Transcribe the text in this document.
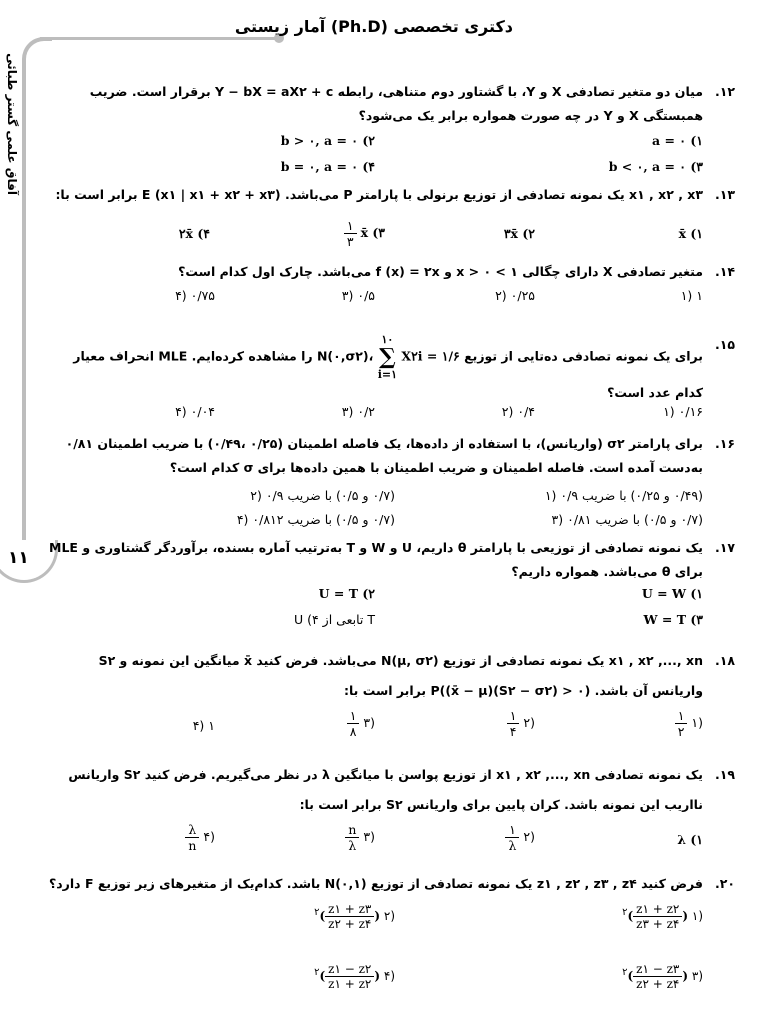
دکتری تخصصی (Ph.D) آمار زیستی
آفاق علمی گستر طبائی
۱۱
۱۲.
میان دو متغیر تصادفی X و Y، با گشتاور دوم متناهی، رابطه Y − bX = aX۲ + c برقرار است. ضریب همبستگی X و Y در چه صورت همواره برابر یک می‌شود؟
a = ۰ (۱
b > ۰, a = ۰ (۲
b < ۰, a = ۰ (۳
b = ۰, a = ۰ (۴
۱۳.
x۱ , x۲ , x۳ یک نمونه تصادفی از توزیع برنولی با پارامتر P می‌باشد. E (x۱ | x۱ + x۲ + x۳) برابر است با:
x̄ (۱
۳x̄ (۲
x̄ (۳
$\frac{۱}{۳}$
۲x̄ (۴
۱۴.
متغیر تصادفی X دارای چگالی ۱ > x > ۰ و f (x) = ۲x می‌باشد. چارک اول کدام است؟
۱ (۱
۰/۲۵ (۲
۰/۵ (۳
۰/۷۵ (۴
۱۵.
برای یک نمونه تصادفی ده‌تایی از توزیع N(۰,σ۲)،
۱۰
∑
i=۱
X۲i = ۱/۶ را مشاهده کرده‌ایم. MLE انحراف معیار کدام عدد است؟
۰/۱۶ (۱
۰/۴ (۲
۰/۲ (۳
۰/۰۴ (۴
۱۶.
برای پارامتر σ۲ (واریانس)، با استفاده از داده‌ها، یک فاصله اطمینان (۰/۲۵ ،۰/۴۹) با ضریب اطمینان ۰/۸۱ به‌دست آمده است. فاصله اطمینان و ضریب اطمینان با همین داده‌ها برای σ کدام است؟
(۰/۴۹ و ۰/۲۵) با ضریب ۰/۹ (۱
(۰/۷ و ۰/۵) با ضریب ۰/۹ (۲
(۰/۷ و ۰/۵) با ضریب ۰/۸۱ (۳
(۰/۷ و ۰/۵) با ضریب ۰/۸۱۲ (۴
۱۷.
یک نمونه تصادفی از توزیعی با پارامتر θ داریم، U و W و T به‌ترتیب آماره بسنده، برآوردگر گشتاوری و MLE برای θ می‌باشد. همواره داریم؟
U = W (۱
U = T (۲
W = T (۳
T تابعی از U (۴
۱۸.
x۱ , x۲ ,..., xn یک نمونه تصادفی از توزیع N(μ, σ۲) می‌باشد. فرض کنید x̄ میانگین این نمونه و S۲ واریانس آن باشد. P((x̄ − μ)(S۲ − σ۲) > ۰) برابر است با:
(۱
$\frac{۱}{۲}$
(۲
$\frac{۱}{۴}$
(۳
$\frac{۱}{۸}$
۱ (۴
۱۹.
یک نمونه تصادفی x۱ , x۲ ,..., xn از توزیع پواسن با میانگین λ در نظر می‌گیریم. فرض کنید S۲ واریانس نااریب این نمونه باشد. کران پایین برای واریانس S۲ برابر است با:
λ (۱
(۲
$\frac{۱}{\lambda}$
(۳
$\frac{n}{\lambda}$
(۴
$\frac{\lambda}{n}$
۲۰.
فرض کنید z۱ , z۲ , z۳ , z۴ یک نمونه تصادفی از توزیع N(۰,۱) باشد. کدام‌یک از متغیرهای زیر توزیع F دارد؟
(۱ (
$\frac{z۱ + z۲}{z۳ + z۴}$
)$^۲$
(۲ (
$\frac{z۱ + z۳}{z۲ + z۴}$
)$^۲$
(۳ (
$\frac{z۱ - z۳}{z۲ + z۴}$
)$^۲$
(۴ (
$\frac{z۱ - z۲}{z۱ + z۲}$
)$^۲$
